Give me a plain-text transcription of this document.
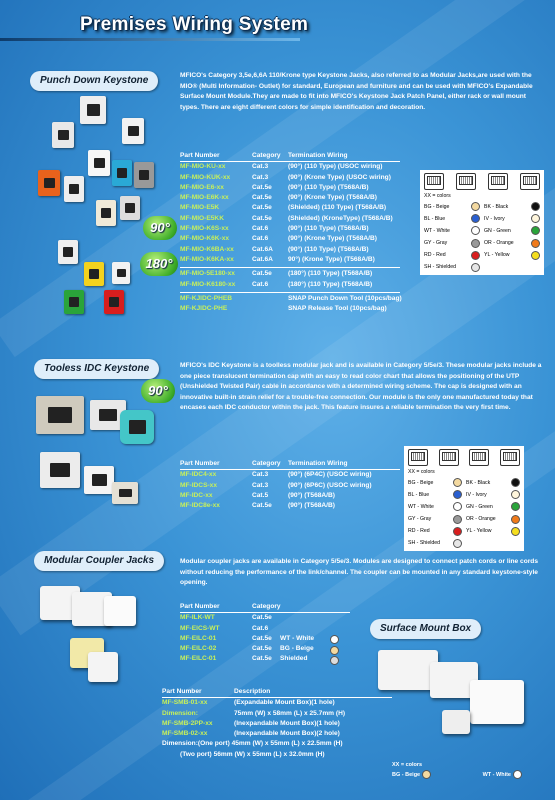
Premises Wiring System
Punch Down Keystone	MFICO's Category 3,5e,6,6A 110/Krone type Keystone Jacks, also referred to as Modular Jacks,are used with the MIO® (Multi Information- Outlet) for standard, European and furniture and can be used with MFICO's Expandable Surface Mount Module.They are made to fit into MFICO's Keystone Jack Patch Panel, either rack or wall mount types. There are eight different colors for simple identification and decoration.
90°
180°
Part Number	Category Termination Wiring
MF-MIO-KU-xx	Cat.3	(90°) (110 Type) (USOC wiring)
MF-MIO-KUK-xx	Cat.3	(90°) (Krone Type) (USOC wiring)
MF-MIO-E6-xx	Cat.5e (90°) (110 Type) (T568A/B)
MF-MIO-E6K-xx	Cat.5e (90°) (Krone Type) (T568A/B)
MF-MIO-E5K	Cat.5e (Shielded) (110 Type) (T568A/B)
MF-MIO-E5KK	Cat.5e (Shielded) (KroneType) (T568A/B)
MF-MIO-K6S-xx	Cat.6	(90°) (110 Type) (T568A/B)
MF-MIO-K6K-xx	Cat.6	(90°) (Krone Type) (T568A/B)
MF-MIO-K6BA-xx	Cat.6A (90°) (110 Type) (T568A/B)
MF-MIO-K6KA-xx	Cat.6A 90°) (Krone Type) (T568A/B)
MF-MIO-5E180-xx	Cat.5e (180°) (110 Type) (T568A/B)
MF-MIO-K6180-xx	Cat.6	(180°) (110 Type) (T568A/B)
MF-KJIDC-PHEB	SNAP Punch Down Tool (10pcs/bag)
MF-KJIDC-PHE	SNAP Release Tool (10pcs/bag)
XX = colors
BG - Beige	BK - Black
BL - Blue	IV - Ivory
WT - White	GN - Green
GY - Gray	OR - Orange
RD - Red	YL - Yellow
SH - Shielded
Tooless IDC Keystone	MFICO's IDC Keystone is a toolless modular jack and is available in Category 5/5e/3. These modular jacks include a one piece translucent termination cap with an easy to read color chart that allows the positioning of the UTP (Unshielded Twisted Pair) cable in accordance with a determined wiring scheme. The cap is designed with an innovative built-in strain relief for a trouble-free connection. Our module is the only one manufactured today that encases each IDC conductor within the jack. This feature insures a reliable termination the very first time.
90°
Part Number	Category Termination Wiring
MF-IDC4-xx	Cat.3	(90°) (6P4C) (USOC wiring)
MF-IDCS-xx	Cat.3	(90°) (6P6C) (USOC wiring)
MF-IDC-xx	Cat.5	(90°) (T568A/B)
MF-IDC8e-xx	Cat.5e (90°) (T568A/B)
XX = colors
BG - Beige	BK - Black
BL - Blue	IV - Ivory
WT - White	GN - Green
GY - Gray	OR - Orange
RD - Red	YL - Yellow
SH - Shielded
Modular Coupler Jacks	Modular coupler jacks are available in Category 5/5e/3. Modules are designed to connect patch cords or line cords without reducing the performance of the link/channel. The coupler can be mounted in any standard keystone-style opening.
Part Number	Category
MF-ILK-WT	Cat.5e
MF-EICS-WT	Cat.6
MF-EILC-01	Cat.5e WT - White
MF-EILC-02	Cat.5e BG - Beige
MF-EILC-01	Cat.5e Shielded
Surface Mount Box
Part Number	Description
MF-SMB-01-xx	(Expandable Mount Box)(1 hole)
Dimension:	75mm (W) x 58mm (L) x 25.7mm (H)
MF-SMB-2PP-xx	(Inexpandable Mount Box)(1 hole)
MF-SMB-02-xx	(Inexpandable Mount Box)(2 hole)
Dimension:(One port) 45mm (W) x 55mm (L) x 22.5mm (H)
(Two port) 56mm (W) x 55mm (L) x 32.0mm (H)
XX = colors
BG - Beige	WT - White
